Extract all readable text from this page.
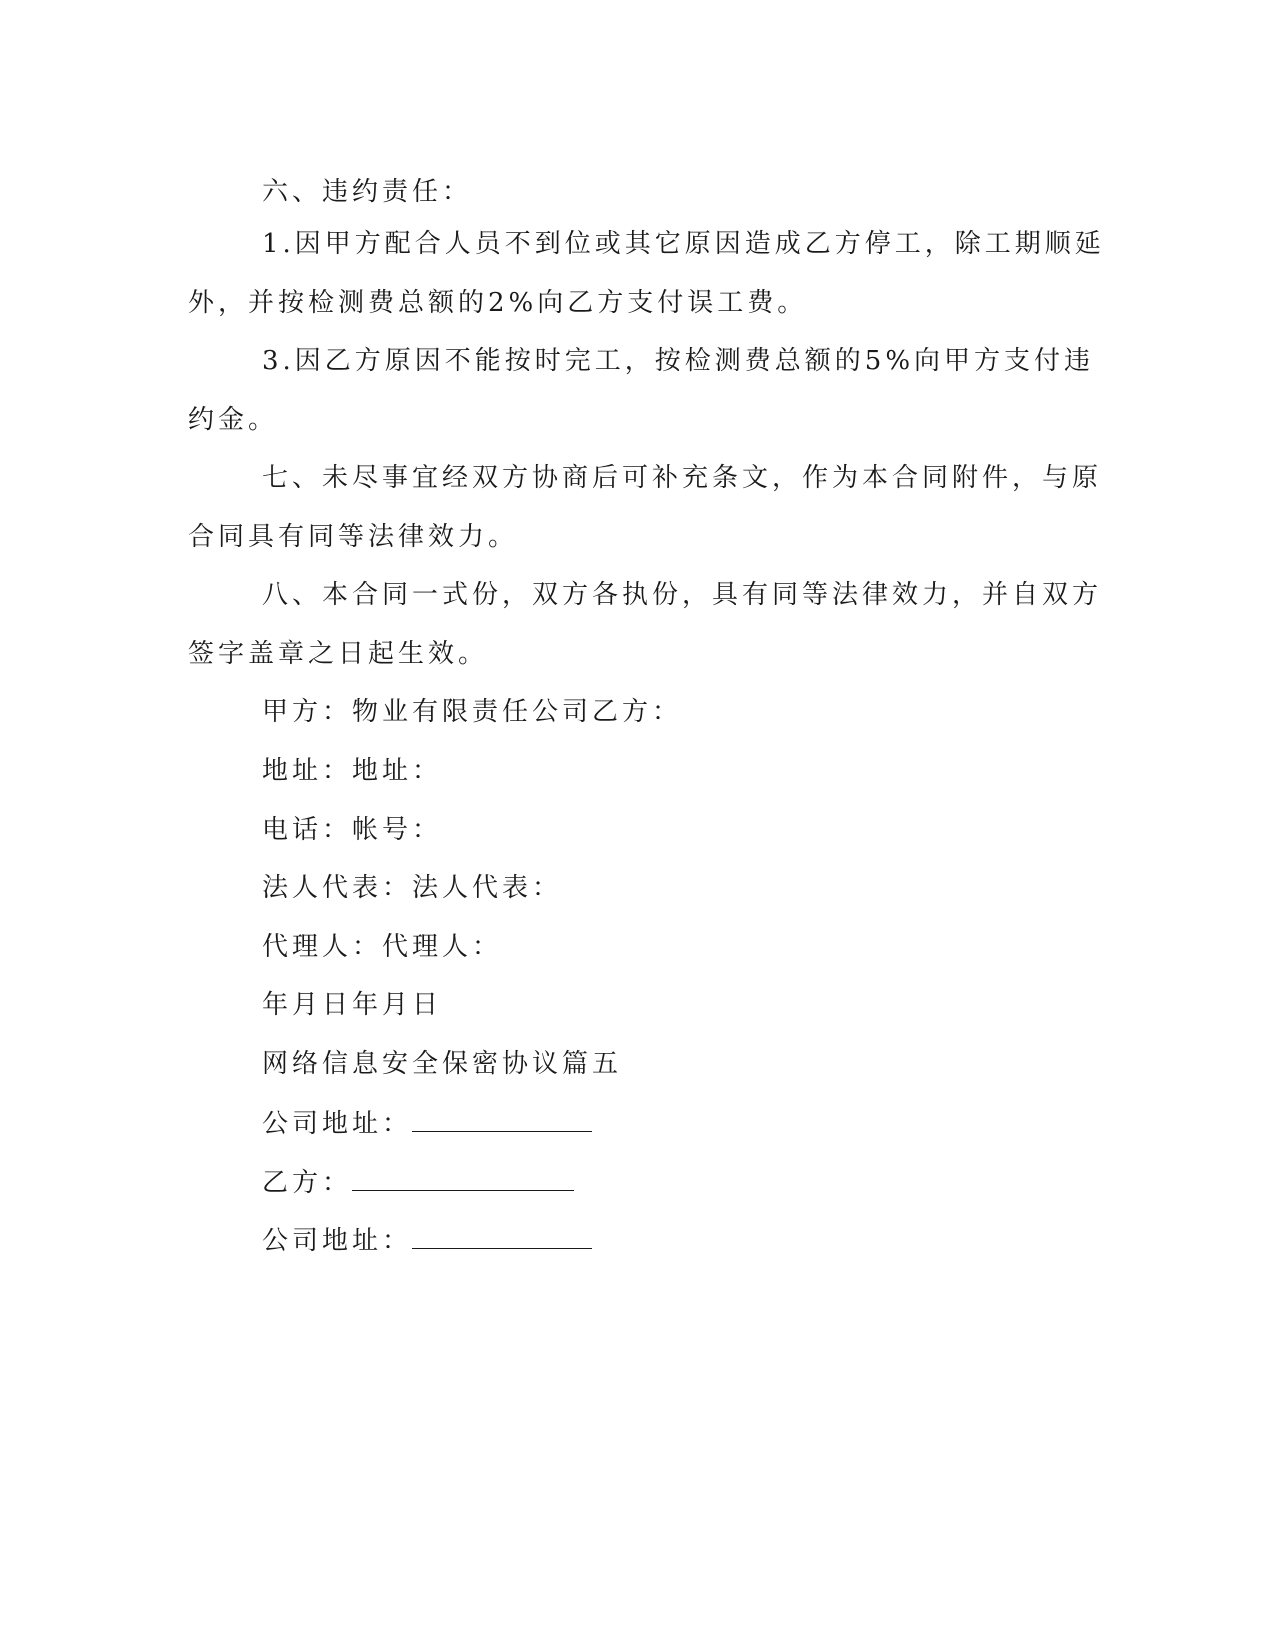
六、违约责任：
1.因甲方配合人员不到位或其它原因造成乙方停工，除工期顺延
外，并按检测费总额的2%向乙方支付误工费。
3.因乙方原因不能按时完工，按检测费总额的5%向甲方支付违
约金。
七、未尽事宜经双方协商后可补充条文，作为本合同附件，与原
合同具有同等法律效力。
八、本合同一式份，双方各执份，具有同等法律效力，并自双方
签字盖章之日起生效。
甲方：物业有限责任公司乙方：
地址：地址：
电话：帐号：
法人代表：法人代表：
代理人：代理人：
年月日年月日
网络信息安全保密协议篇五
公司地址：
乙方：
公司地址：
